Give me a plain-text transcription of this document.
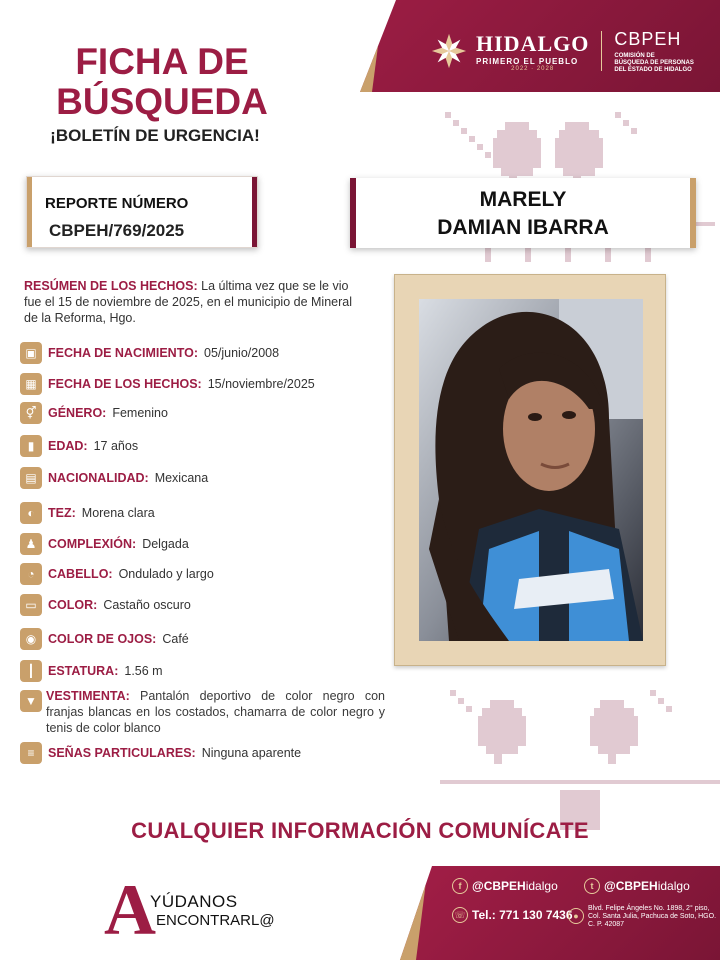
HIDALGO
PRIMERO EL PUEBLO
2022 · 2028
CBPEH
COMISIÓN DE
BÚSQUEDA DE PERSONAS
DEL ESTADO DE HIDALGO
FICHA DE
BÚSQUEDA
¡BOLETÍN DE URGENCIA!
REPORTE NÚMERO
CBPEH/769/2025
MARELY
DAMIAN IBARRA
RESÚMEN DE LOS HECHOS: La última vez que se le vio fue el 15 de noviembre de 2025, en el municipio de Mineral de la Reforma, Hgo.
▣ FECHA DE NACIMIENTO: 05/junio/2008
▦ FECHA DE LOS HECHOS: 15/noviembre/2025
⚥ GÉNERO: Femenino
▮	EDAD: 17 años
▤ NACIONALIDAD: Mexicana
◐	TEZ: Morena clara
♟ COMPLEXIÓN: Delgada
◔	CABELLO: Ondulado y largo
▭ COLOR: Castaño oscuro
◉ COLOR DE OJOS: Café
┃	ESTATURA: 1.56 m
▼ VESTIMENTA: Pantalón deportivo de color negro con franjas blancas en los costados, chamarra de color negro y tenis de color blanco
≡	SEÑAS PARTICULARES: Ninguna aparente
CUALQUIER INFORMACIÓN COMUNÍCATE
A
YÚDANOS
ENCONTRARL@
f @CBPEHidalgo	t @CBPEHidalgo
☏ Tel.: 771 130 7436 ●
Blvd. Felipe Ángeles No. 1898, 2° piso, Col. Santa Julia, Pachuca de Soto, HGO. C. P. 42087
